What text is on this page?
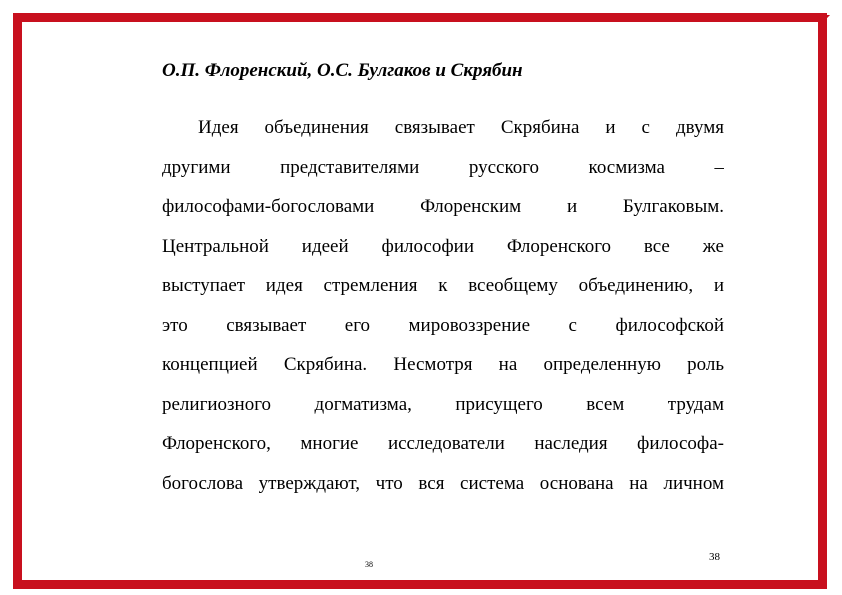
О.П. Флоренский, О.С. Булгаков и Скрябин
Идея объединения связывает Скрябина и с двумя
другими представителями русского космизма –
философами-богословами Флоренским и Булгаковым.
Центральной идеей философии Флоренского все же
выступает идея стремления к всеобщему объединению, и
это связывает его мировоззрение с философской
концепцией Скрябина. Несмотря на определенную роль
религиозного догматизма, присущего всем трудам
Флоренского, многие исследователи наследия философа-
богослова утверждают, что вся система основана на личном
38
38
